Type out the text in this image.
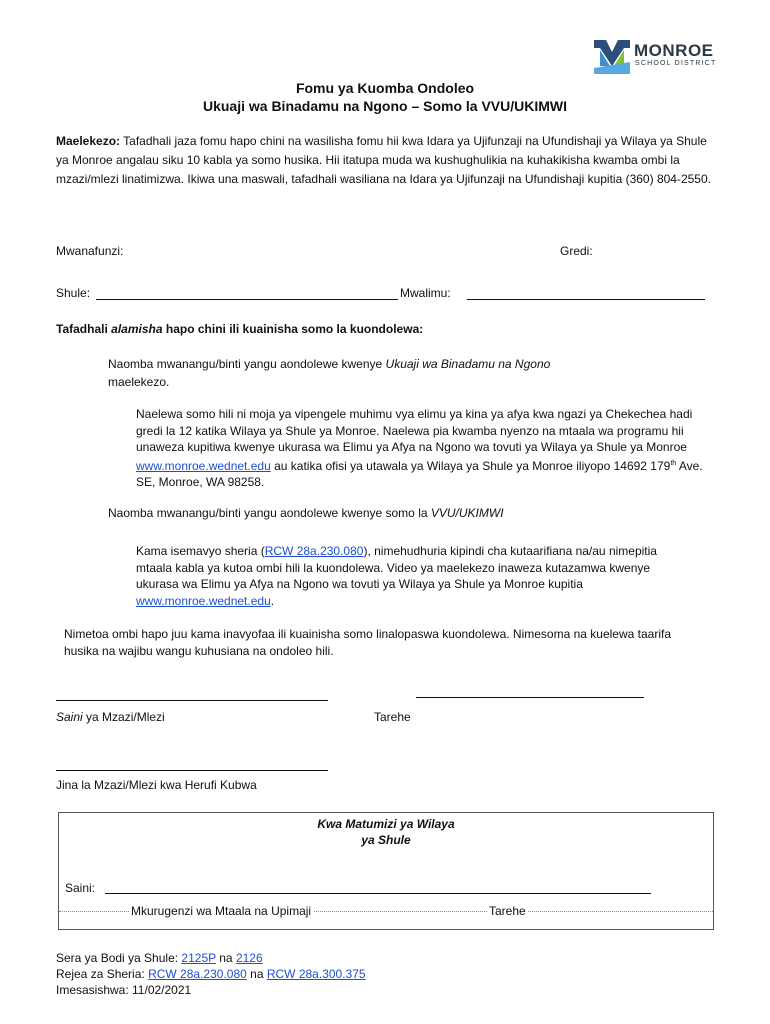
MONROE
SCHOOL DISTRICT
Fomu ya Kuomba Ondoleo
Ukuaji wa Binadamu na Ngono – Somo la VVU/UKIMWI
Maelekezo: Tafadhali jaza fomu hapo chini na wasilisha fomu hii kwa Idara ya Ujifunzaji na Ufundishaji ya Wilaya ya Shule ya Monroe angalau siku 10 kabla ya somo husika. Hii itatupa muda wa kushughulikia na kuhakikisha kwamba ombi la mzazi/mlezi linatimizwa. Ikiwa una maswali, tafadhali wasiliana na Idara ya Ujifunzaji na Ufundishaji kupitia (360) 804-2550.
Mwanafunzi:	Gredi:
Shule:	Mwalimu:
Tafadhali alamisha hapo chini ili kuainisha somo la kuondolewa:
Naomba mwanangu/binti yangu aondolewe kwenye Ukuaji wa Binadamu na Ngono
maelekezo.
Naelewa somo hili ni moja ya vipengele muhimu vya elimu ya kina ya afya kwa ngazi ya Chekechea hadi gredi la 12 katika Wilaya ya Shule ya Monroe. Naelewa pia kwamba nyenzo na mtaala wa programu hii unaweza kupitiwa kwenye ukurasa wa Elimu ya Afya na Ngono wa tovuti ya Wilaya ya Shule ya Monroe www.monroe.wednet.edu au katika ofisi ya utawala ya Wilaya ya Shule ya Monroe iliyopo 14692 179th Ave. SE, Monroe, WA 98258.
Naomba mwanangu/binti yangu aondolewe kwenye somo la VVU/UKIMWI
Kama isemavyo sheria (RCW 28a.230.080), nimehudhuria kipindi cha kutaarifiana na/au nimepitia mtaala kabla ya kutoa ombi hili la kuondolewa. Video ya maelekezo inaweza kutazamwa kwenye ukurasa wa Elimu ya Afya na Ngono wa tovuti ya Wilaya ya Shule ya Monroe kupitia www.monroe.wednet.edu.
Nimetoa ombi hapo juu kama inavyofaa ili kuainisha somo linalopaswa kuondolewa. Nimesoma na kuelewa taarifa husika na wajibu wangu kuhusiana na ondoleo hili.
Saini ya Mzazi/Mlezi	Tarehe
Jina la Mzazi/Mlezi kwa Herufi Kubwa
Kwa Matumizi ya Wilaya
ya Shule
Saini:
Mkurugenzi wa Mtaala na Upimaji	Tarehe
Sera ya Bodi ya Shule: 2125P na 2126
Rejea za Sheria: RCW 28a.230.080 na RCW 28a.300.375
Imesasishwa: 11/02/2021
